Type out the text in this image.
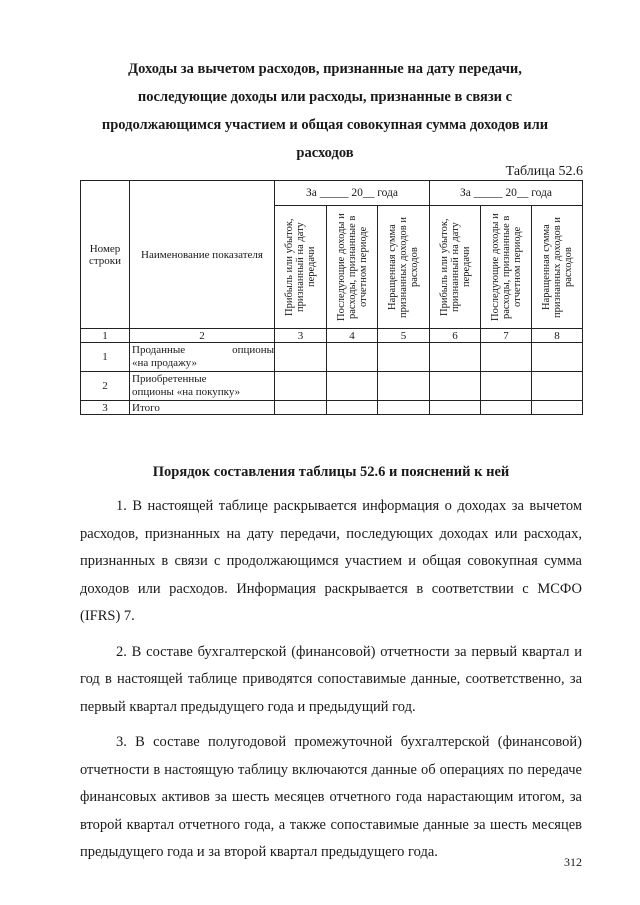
Доходы за вычетом расходов, признанные на дату передачи, последующие доходы или расходы, признанные в связи с продолжающимся участием и общая совокупная сумма доходов или расходов
Таблица 52.6
Номер строки	Наименование показателя	За _____ 20__ года			За _____ 20__ года		

		Прибыль или убыток, признанный на дату передачи	Последующие доходы и расходы, признанные в отчетном периоде	Наращенная сумма признанных доходов и расходов	Прибыль или убыток, признанный на дату передачи	Последующие доходы и расходы, признанные в отчетном периоде	Наращенная сумма признанных доходов и расходов

1	2	3	4	5	6	7	8
1	Проданные опционы
«на продажу»						

2	Приобретенные
опционы «на покупку»						

3	Итого						
Порядок составления таблицы 52.6 и пояснений к ней

1. В настоящей таблице раскрывается информация о доходах за вычетом расходов, признанных на дату передачи, последующих доходах или расходах, признанных в связи с продолжающимся участием и общая совокупная сумма доходов или расходов. Информация раскрывается в соответствии с МСФО (IFRS) 7.

2. В составе бухгалтерской (финансовой) отчетности за первый квартал и год в настоящей таблице приводятся сопоставимые данные, соответственно, за первый квартал предыдущего года и предыдущий год.

3. В составе полугодовой промежуточной бухгалтерской (финансовой) отчетности в настоящую таблицу включаются данные об операциях по передаче финансовых активов за шесть месяцев отчетного года нарастающим итогом, за второй квартал отчетного года, а также сопоставимые данные за шесть месяцев предыдущего года и за второй квартал предыдущего года.

312
